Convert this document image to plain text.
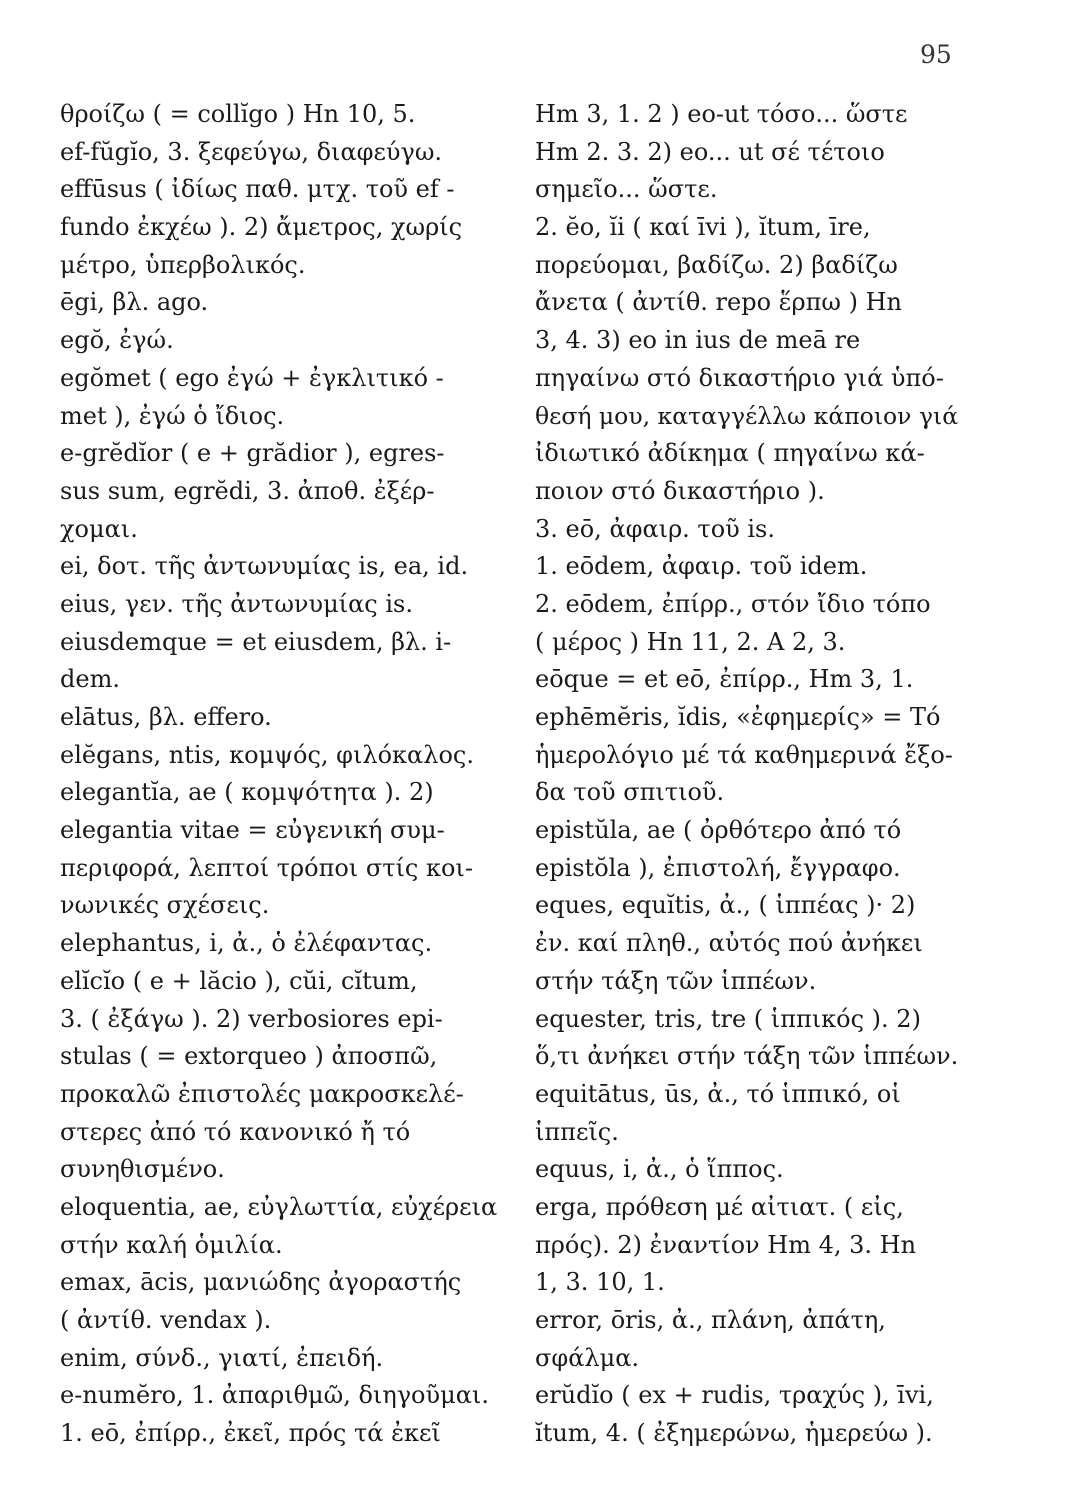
95
θροίζω ( = collĭgo ) Hn 10, 5.
ef-fŭgĭo, 3. ξεφεύγω, διαφεύγω.
effūsus ( ἰδίως παθ. μτχ. τοῦ ef -
fundo ἐκχέω ). 2) ἄμετρος, χωρίς
μέτρο, ὑπερβολικός.
ēgi, βλ. ago.
egŏ, ἐγώ.
egŏmet ( ego ἐγώ + ἐγκλιτικό -
met ), ἐγώ ὁ ἴδιος.
e-grĕdĭor ( e + grădior ), egres-
sus sum, egrĕdi, 3. ἀποθ. ἐξέρ-
χομαι.
ei, δοτ. τῆς ἀντωνυμίας is, ea, id.
eius, γεν. τῆς ἀντωνυμίας is.
eiusdemque = et eiusdem, βλ. i-
dem.
elātus, βλ. effero.
elĕgans, ntis, κομψός, φιλόκαλος.
elegantĭa, ae ( κομψότητα ). 2)
elegantia vitae = εὐγενική συμ-
περιφορά, λεπτοί τρόποι στίς κοι-
νωνικές σχέσεις.
elephantus, i, ἀ., ὁ ἐλέφαντας.
elĭcĭo ( e + lăcio ), cŭi, cĭtum,
3. ( ἐξάγω ). 2) verbosiores epi-
stulas ( = extorqueo ) ἀποσπῶ,
προκαλῶ ἐπιστολές μακροσκελέ-
στερες ἀπό τό κανονικό ἤ τό
συνηθισμένο.
eloquentia, ae, εὐγλωττία, εὐχέρεια
στήν καλή ὁμιλία.
emax, ācis, μανιώδης ἀγοραστής
( ἀντίθ. vendax ).
enim, σύνδ., γιατί, ἐπειδή.
e-numĕro, 1. ἀπαριθμῶ, διηγοῦμαι.
1. eō, ἐπίρρ., ἐκεῖ, πρός τά ἐκεῖ
Hm 3, 1. 2 ) eo-ut τόσο... ὥστε
Hm 2. 3. 2) eo... ut σέ τέτοιο
σημεῖο... ὥστε.
2. ĕo, ĭi ( καί īvi ), ĭtum, īre,
πορεύομαι, βαδίζω. 2) βαδίζω
ἄνετα ( ἀντίθ. repo ἕρπω ) Hn
3, 4. 3) eo in ius de meā re
πηγαίνω στό δικαστήριο γιά ὑπό-
θεσή μου, καταγγέλλω κάποιον γιά
ἰδιωτικό ἀδίκημα ( πηγαίνω κά-
ποιον στό δικαστήριο ).
3. eō, ἀφαιρ. τοῦ is.
1. eōdem, ἀφαιρ. τοῦ idem.
2. eōdem, ἐπίρρ., στόν ἴδιο τόπο
( μέρος ) Hn 11, 2. A 2, 3.
eōque = et eō, ἐπίρρ., Hm 3, 1.
ephēmĕris, ĭdis, «ἐφημερίς» = Τό
ἡμερολόγιο μέ τά καθημερινά ἔξο-
δα τοῦ σπιτιοῦ.
epistŭla, ae ( ὀρθότερο ἀπό τό
epistŏla ), ἐπιστολή, ἔγγραφο.
eques, equĭtis, ἀ., ( ἱππέας )· 2)
ἐν. καί πληθ., αὐτός πού ἀνήκει
στήν τάξη τῶν ἱππέων.
equester, tris, tre ( ἱππικός ). 2)
ὅ,τι ἀνήκει στήν τάξη τῶν ἱππέων.
equitātus, ūs, ἀ., τό ἱππικό, οἱ
ἱππεῖς.
equus, i, ἀ., ὁ ἵππος.
erga, πρόθεση μέ αἰτιατ. ( εἰς,
πρός). 2) ἐναντίον Hm 4, 3. Hn
1, 3. 10, 1.
error, ōris, ἀ., πλάνη, ἀπάτη,
σφάλμα.
erŭdĭo ( ex + rudis, τραχύς ), īvi,
ĭtum, 4. ( ἐξημερώνω, ἡμερεύω ).
